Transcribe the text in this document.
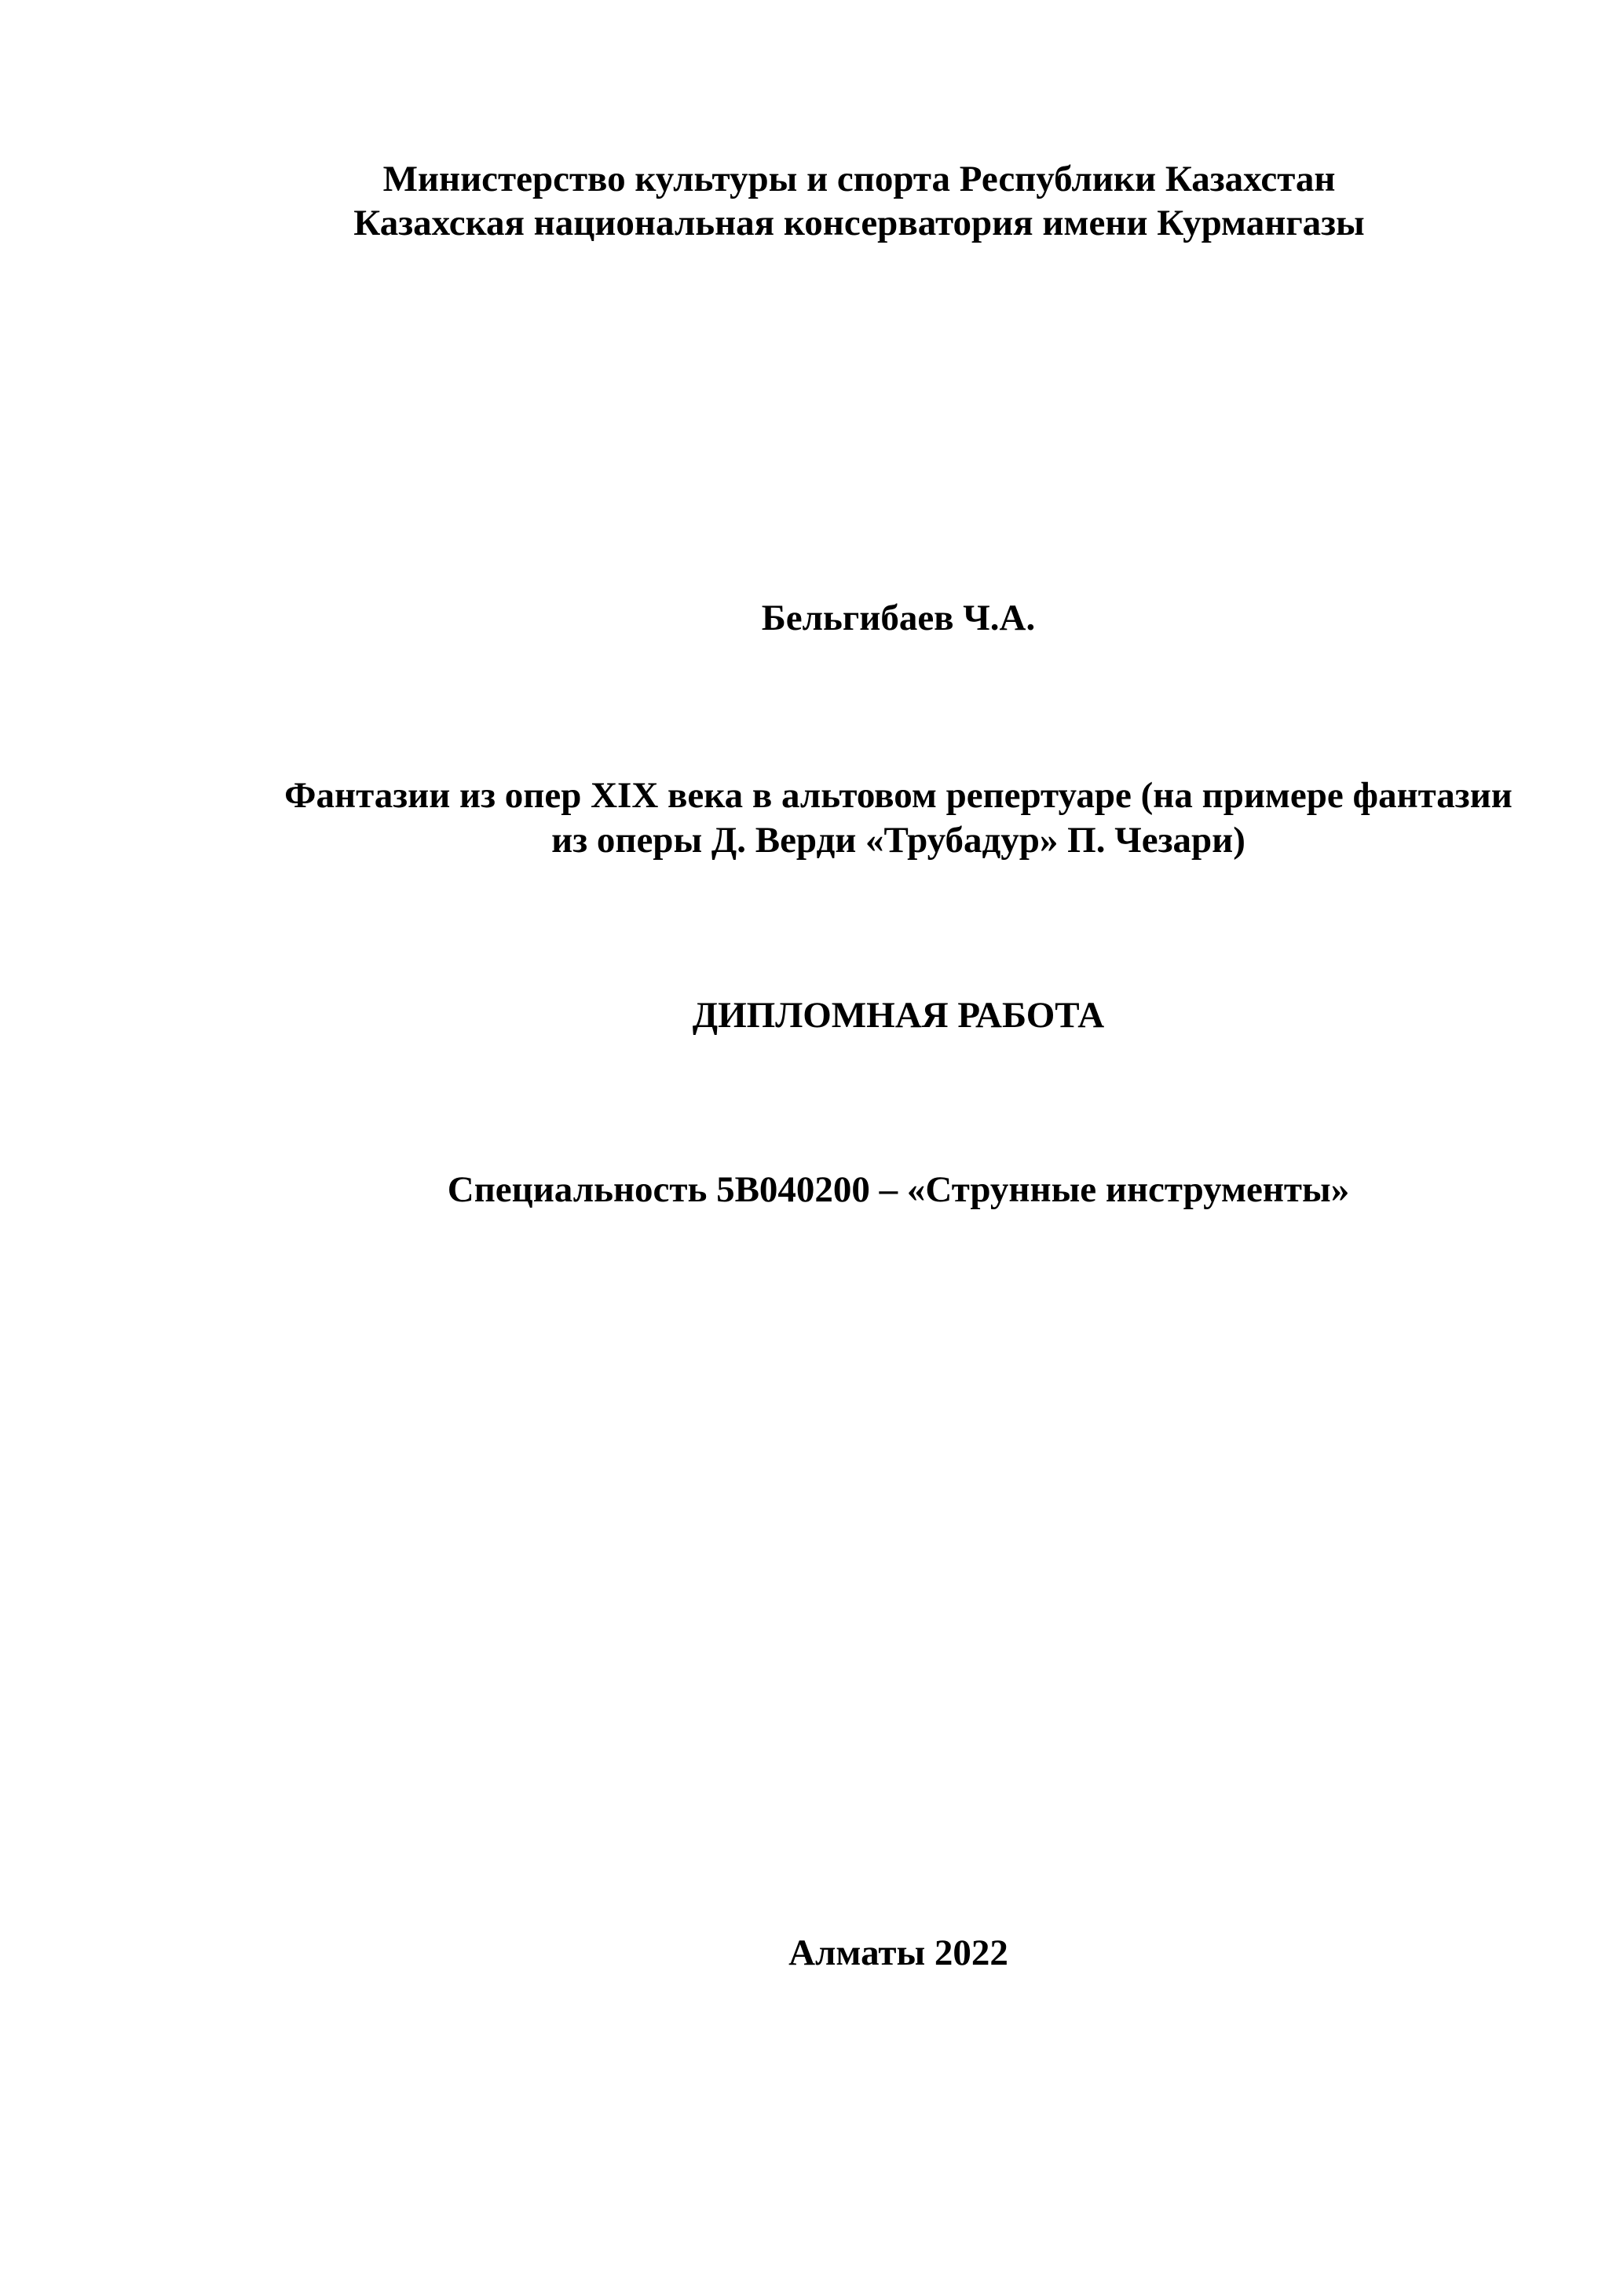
Министерство культуры и спорта Республики Казахстан
Казахская национальная консерватория имени Курмангазы
Бельгибаев Ч.А.
Фантазии из опер XIX века в альтовом репертуаре (на примере фантазии
из оперы Д. Верди «Трубадур» П. Чезари)
ДИПЛОМНАЯ РАБОТА
Специальность 5В040200 – «Струнные инструменты»
Алматы 2022
